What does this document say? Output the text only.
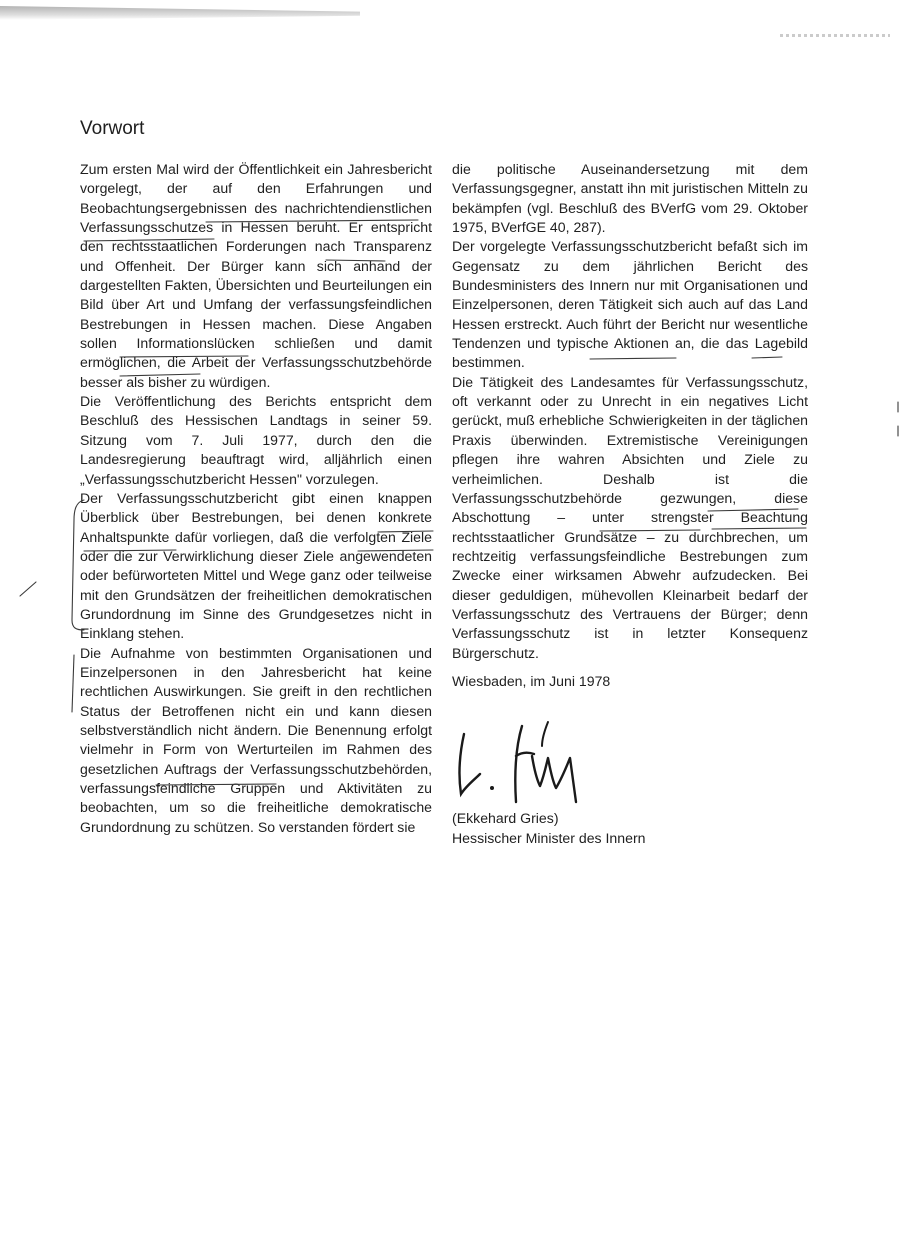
Vorwort

Zum ersten Mal wird der Öffentlichkeit ein Jahresbericht vorgelegt, der auf den Erfahrungen und Beobachtungsergebnissen des nachrichtendienstlichen Verfassungsschutzes in Hessen beruht. Er entspricht den rechtsstaatlichen Forderungen nach Transparenz und Offenheit. Der Bürger kann sich anhand der dargestellten Fakten, Übersichten und Beurteilungen ein Bild über Art und Umfang der verfassungsfeindlichen Bestrebungen in Hessen machen. Diese Angaben sollen Informationslücken schließen und damit ermöglichen, die Arbeit der Verfassungsschutzbehörde besser als bisher zu würdigen.

Die Veröffentlichung des Berichts entspricht dem Beschluß des Hessischen Landtags in seiner 59. Sitzung vom 7. Juli 1977, durch den die Landesregierung beauftragt wird, alljährlich einen „Verfassungsschutzbericht Hessen" vorzulegen.

Der Verfassungsschutzbericht gibt einen knappen Überblick über Bestrebungen, bei denen konkrete Anhaltspunkte dafür vorliegen, daß die verfolgten Ziele oder die zur Verwirklichung dieser Ziele angewendeten oder befürworteten Mittel und Wege ganz oder teilweise mit den Grundsätzen der freiheitlichen demokratischen Grundordnung im Sinne des Grundgesetzes nicht in Einklang stehen.

Die Aufnahme von bestimmten Organisationen und Einzelpersonen in den Jahresbericht hat keine rechtlichen Auswirkungen. Sie greift in den rechtlichen Status der Betroffenen nicht ein und kann diesen selbstverständlich nicht ändern. Die Benennung erfolgt vielmehr in Form von Werturteilen im Rahmen des gesetzlichen Auftrags der Verfassungsschutzbehörden, verfassungsfeindliche Gruppen und Aktivitäten zu beobachten, um so die freiheitliche demokratische Grundordnung zu schützen. So verstanden fördert sie

die politische Auseinandersetzung mit dem Verfassungsgegner, anstatt ihn mit juristischen Mitteln zu bekämpfen (vgl. Beschluß des BVerfG vom 29. Oktober 1975, BVerfGE 40, 287).

Der vorgelegte Verfassungsschutzbericht befaßt sich im Gegensatz zu dem jährlichen Bericht des Bundesministers des Innern nur mit Organisationen und Einzelpersonen, deren Tätigkeit sich auch auf das Land Hessen erstreckt. Auch führt der Bericht nur wesentliche Tendenzen und typische Aktionen an, die das Lagebild bestimmen.

Die Tätigkeit des Landesamtes für Verfassungsschutz, oft verkannt oder zu Unrecht in ein negatives Licht gerückt, muß erhebliche Schwierigkeiten in der täglichen Praxis überwinden. Extremistische Vereinigungen pflegen ihre wahren Absichten und Ziele zu verheimlichen. Deshalb ist die Verfassungsschutzbehörde gezwungen, diese Abschottung – unter strengster Beachtung rechtsstaatlicher Grundsätze – zu durchbrechen, um rechtzeitig verfassungsfeindliche Bestrebungen zum Zwecke einer wirksamen Abwehr aufzudecken. Bei dieser geduldigen, mühevollen Kleinarbeit bedarf der Verfassungsschutz des Vertrauens der Bürger; denn Verfassungsschutz ist in letzter Konsequenz Bürgerschutz.

Wiesbaden, im Juni 1978
(Ekkehard Gries)
Hessischer Minister des Innern
